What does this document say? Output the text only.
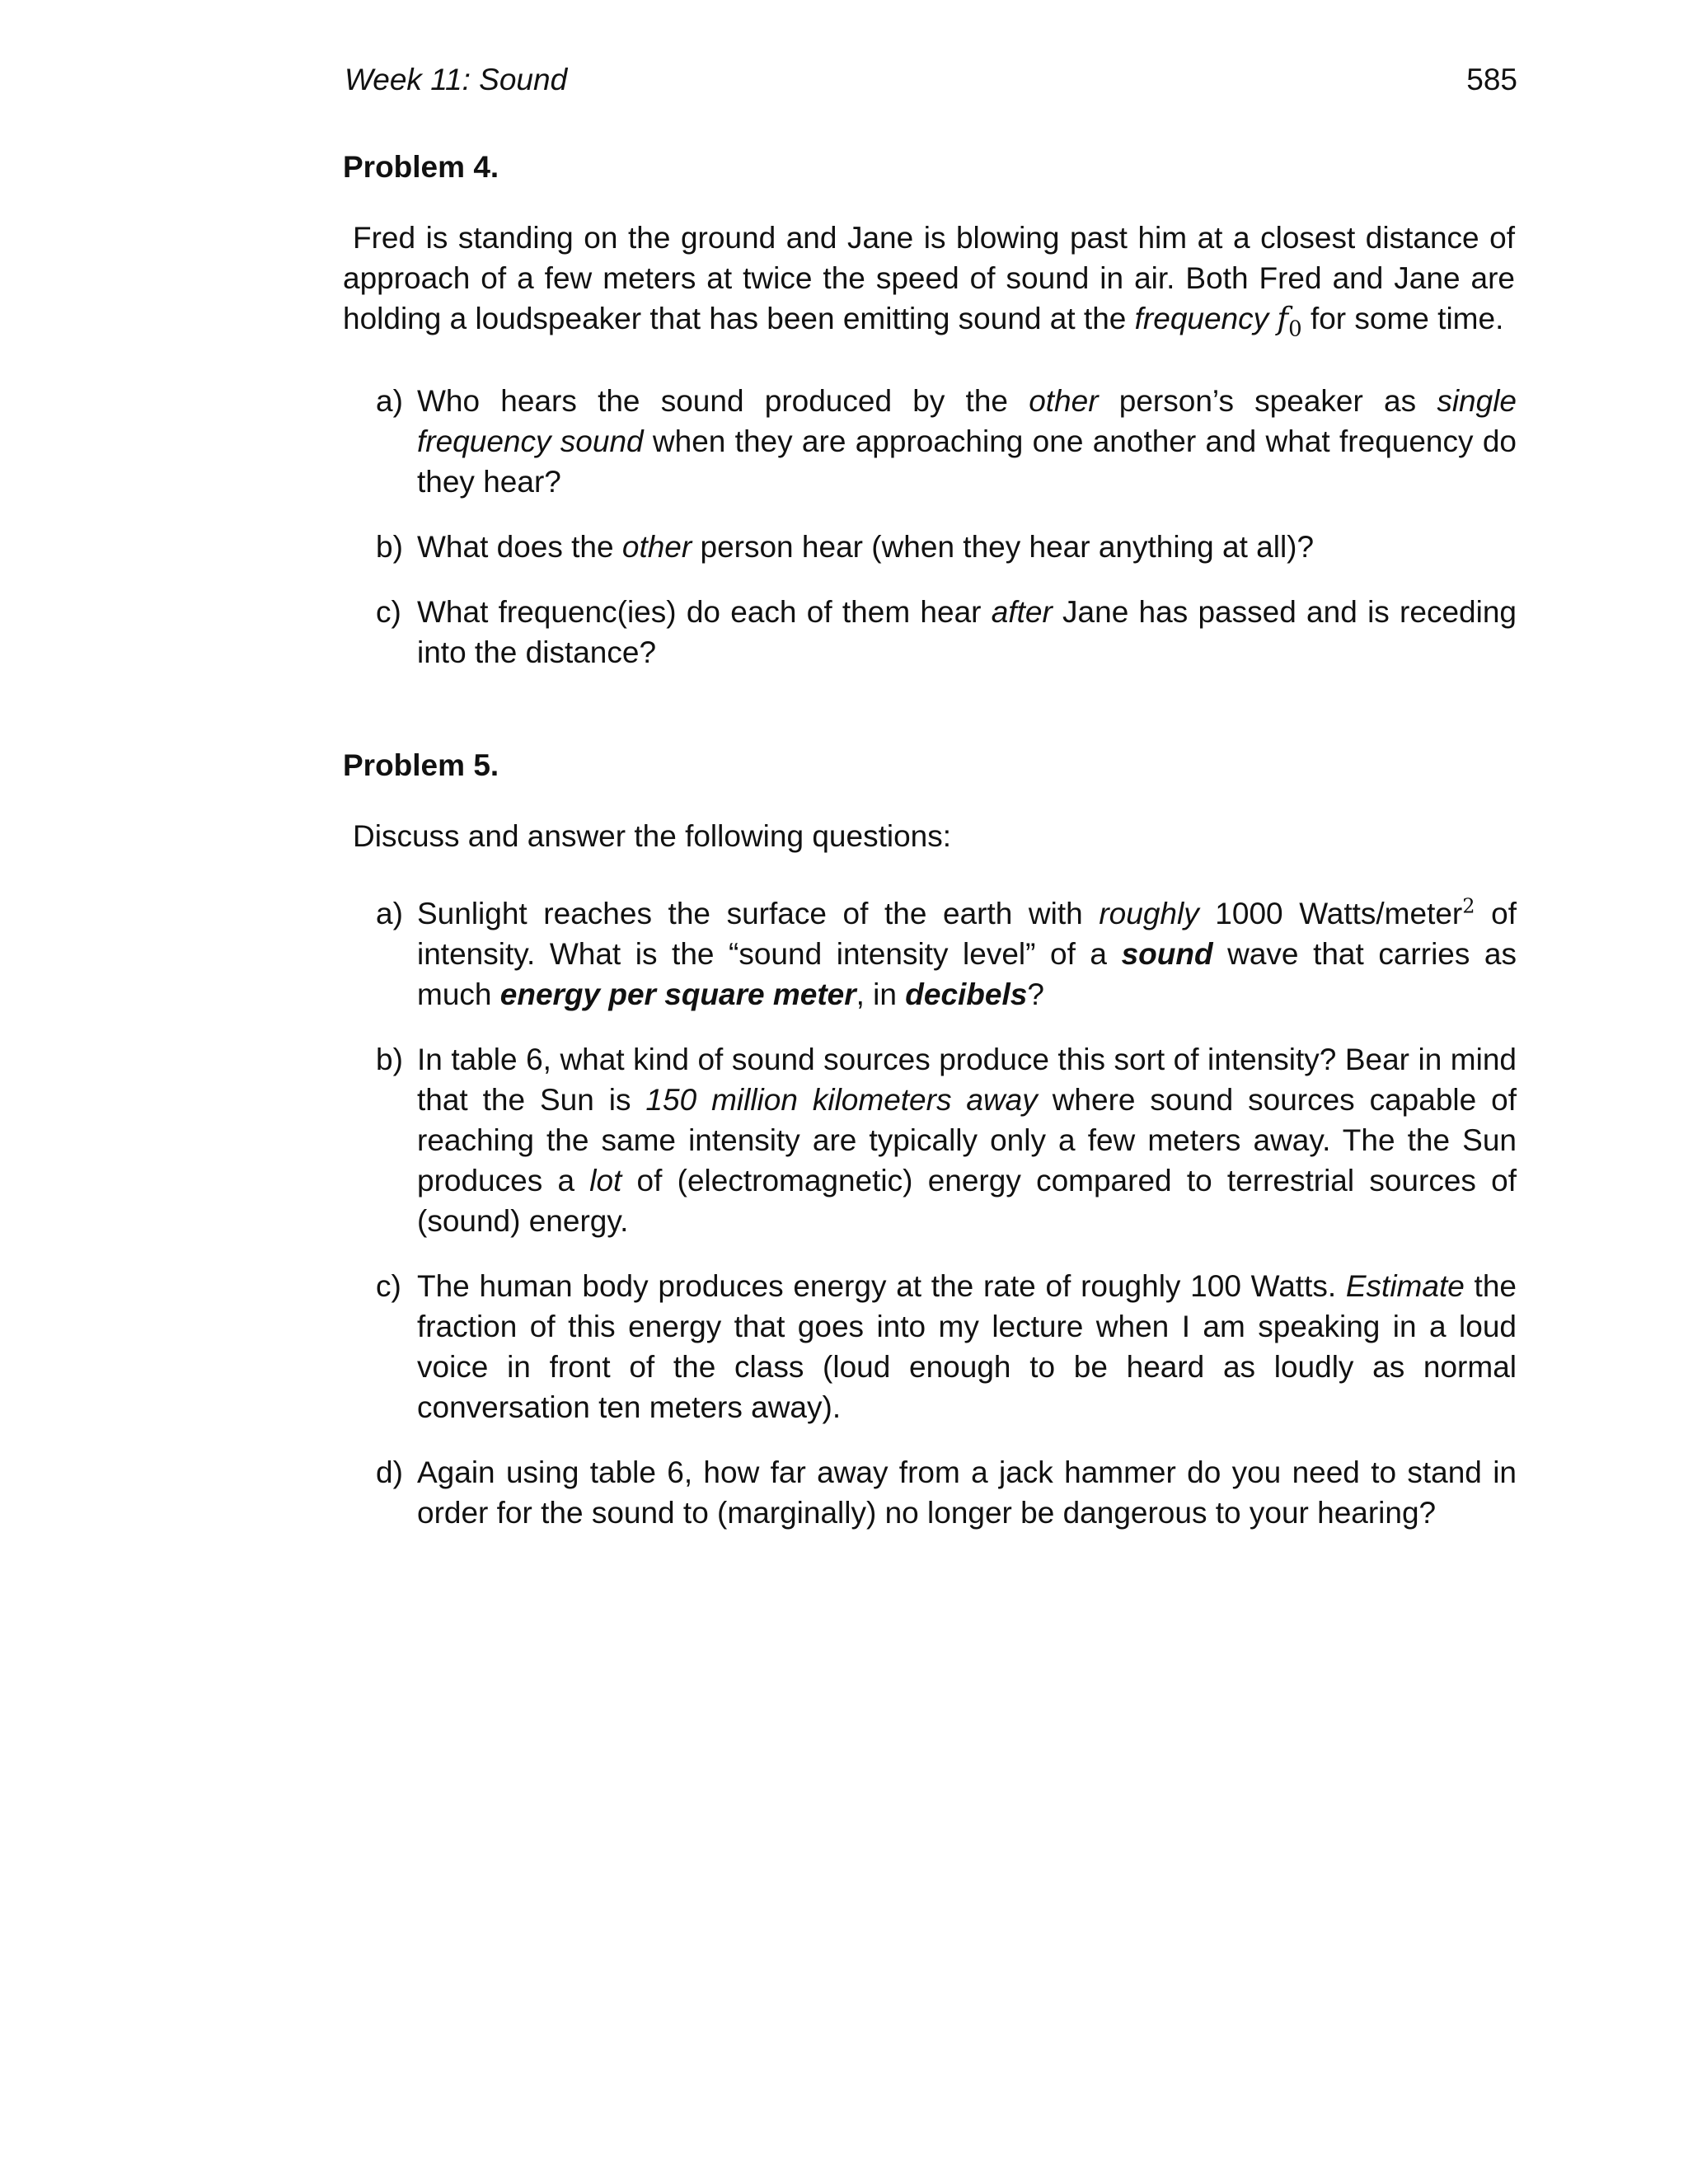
Week 11: Sound	585
Problem 4.

Fred is standing on the ground and Jane is blowing past him at a closest distance of approach of a few meters at twice the speed of sound in air. Both Fred and Jane are holding a loudspeaker that has been emitting sound at the frequency $f_0$ for some time.

a) Who hears the sound produced by the other person’s speaker as single frequency sound when they are approaching one another and what frequency do they hear?
b) What does the other person hear (when they hear anything at all)?
c) What frequenc(ies) do each of them hear after Jane has passed and is receding into the distance?
Problem 5.

Discuss and answer the following questions:

a) Sunlight reaches the surface of the earth with roughly 1000 Watts/meter$^2$ of intensity. What is the “sound intensity level” of a sound wave that carries as much energy per square meter, in decibels?
b) In table 6, what kind of sound sources produce this sort of intensity? Bear in mind that the Sun is 150 million kilometers away where sound sources capable of reaching the same intensity are typically only a few meters away. The the Sun produces a lot of (electromagnetic) energy compared to terrestrial sources of (sound) energy.
c) The human body produces energy at the rate of roughly 100 Watts. Estimate the fraction of this energy that goes into my lecture when I am speaking in a loud voice in front of the class (loud enough to be heard as loudly as normal conversation ten meters away).
d) Again using table 6, how far away from a jack hammer do you need to stand in order for the sound to (marginally) no longer be dangerous to your hearing?
